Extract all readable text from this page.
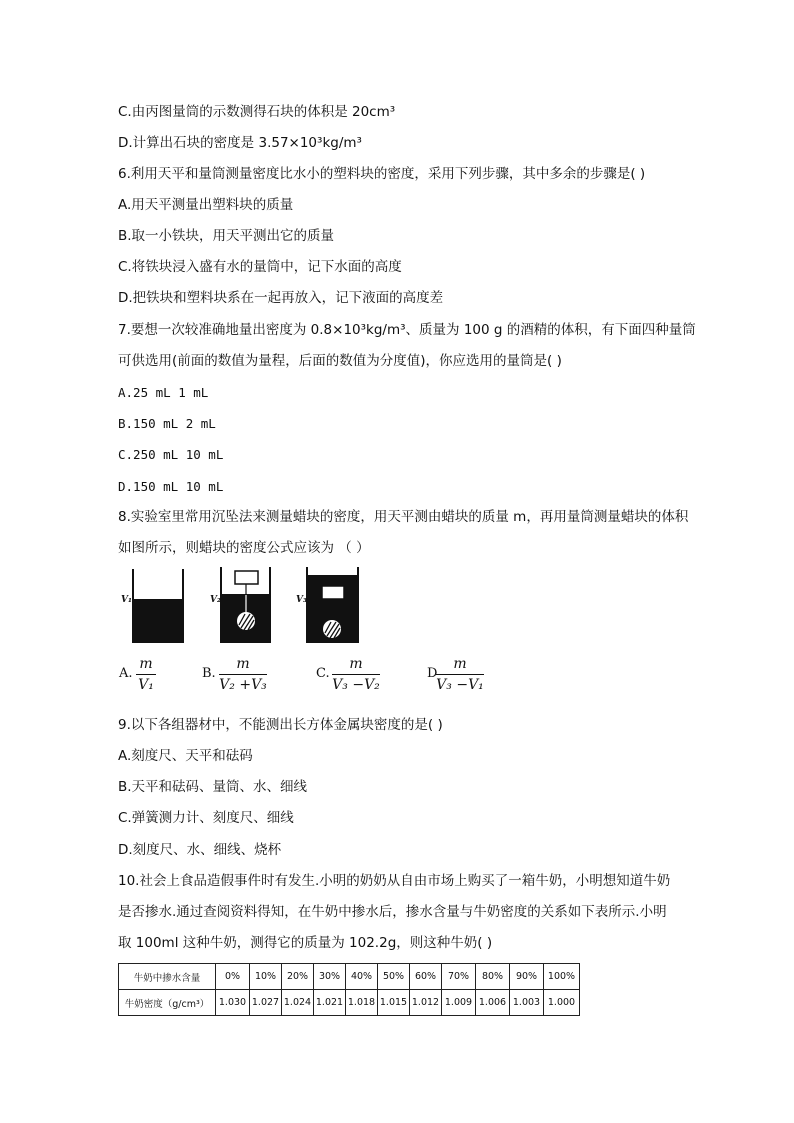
C.由丙图量筒的示数测得石块的体积是 20cm³
D.计算出石块的密度是 3.57×10³kg/m³
6.利用天平和量筒测量密度比水小的塑料块的密度，采用下列步骤，其中多余的步骤是( )
A.用天平测量出塑料块的质量
B.取一小铁块，用天平测出它的质量
C.将铁块浸入盛有水的量筒中，记下水面的高度
D.把铁块和塑料块系在一起再放入，记下液面的高度差
7.要想一次较准确地量出密度为 0.8×10³kg/m³、质量为 100 g 的酒精的体积，有下面四种量筒
可供选用(前面的数值为量程，后面的数值为分度值)，你应选用的量筒是( )
A.25 mL 1 mL
B.150 mL 2 mL
C.250 mL 10 mL
D.150 mL 10 mL
8.实验室里常用沉坠法来测量蜡块的密度，用天平测由蜡块的质量 m，再用量筒测量蜡块的体积
如图所示，则蜡块的密度公式应该为 （ ）
V₁	V₂	V₃
A.
m
V₁
B.
m
V₂ +V₃
C.
m
V₃ −V₂
D
m
V₃ −V₁
9.以下各组器材中，不能测出长方体金属块密度的是( )
A.刻度尺、天平和砝码
B.天平和砝码、量筒、水、细线
C.弹簧测力计、刻度尺、细线
D.刻度尺、水、细线、烧杯
10.社会上食品造假事件时有发生.小明的奶奶从自由市场上购买了一箱牛奶，小明想知道牛奶
是否掺水.通过查阅资料得知，在牛奶中掺水后，掺水含量与牛奶密度的关系如下表所示.小明
取 100ml 这种牛奶，测得它的质量为 102.2g，则这种牛奶( )
牛奶中掺水含量	0%	10%	20%	30%	40%	50%	60%	70%	80%	90%	100%
牛奶密度（g/cm³）	1.030	1.027	1.024	1.021	1.018	1.015	1.012	1.009	1.006	1.003	1.000
